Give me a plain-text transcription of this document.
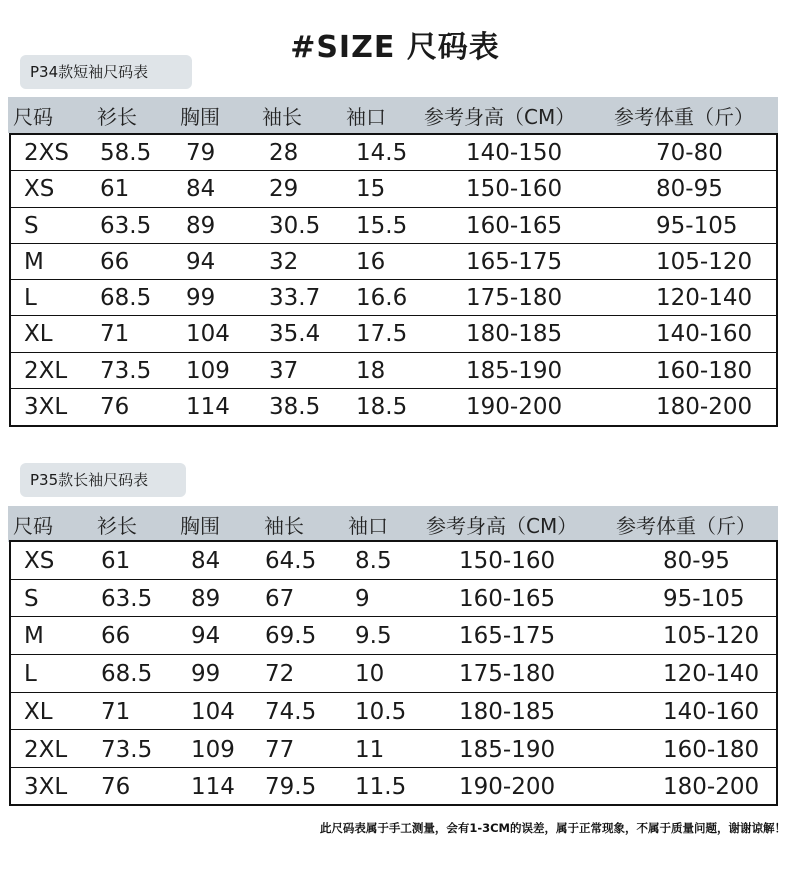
#SIZE 尺码表
P34款短袖尺码表
尺码 衫长 胸围 袖长 袖口 参考身高（CM） 参考体重（斤）
2XS 58.5 79 28	14.5	140-150	70-80
XS 61 84 29	15	150-160	80-95
S	63.5 89 30.5 15.5	160-165	95-105
M 66 94 32	16	165-175	105-120
L	68.5 99 33.7 16.6	175-180	120-140
XL 71 104 35.4 17.5	180-185	140-160
2XL 73.5 109 37	18	185-190	160-180
3XL 76 114 38.5 18.5	190-200	180-200
P35款长袖尺码表
尺码 衫长 胸围 袖长 袖口 参考身高（CM） 参考体重（斤）
XS 61	84 64.5 8.5	150-160	80-95
S	63.5 89 67	9	160-165	95-105
M 66	94 69.5 9.5	165-175	105-120
L	68.5 99 72	10	175-180	120-140
XL 71	104 74.5 10.5 180-185	140-160
2XL 73.5 109 77	11	185-190	160-180
3XL 76	114 79.5 11.5 190-200	180-200
此尺码表属于手工测量，会有1-3CM的误差，属于正常现象，不属于质量问题，谢谢谅解！
